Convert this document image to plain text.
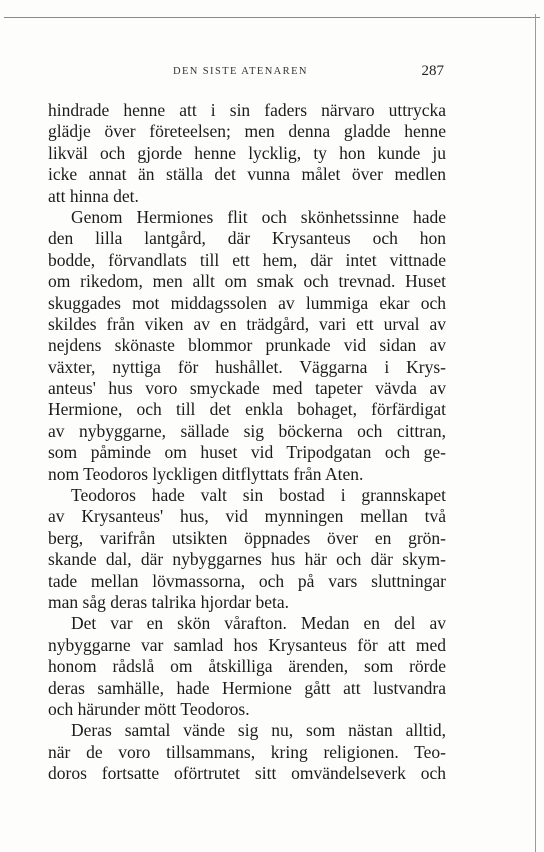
DEN SISTE ATENAREN	287
hindrade henne att i sin faders närvaro uttrycka
glädje över företeelsen; men denna gladde henne
likväl och gjorde henne lycklig, ty hon kunde ju
icke annat än ställa det vunna målet över medlen
att hinna det.
Genom Hermiones flit och skönhetssinne hade
den lilla lantgård, där Krysanteus och hon
bodde, förvandlats till ett hem, där intet vittnade
om rikedom, men allt om smak och trevnad. Huset
skuggades mot middagssolen av lummiga ekar och
skildes från viken av en trädgård, vari ett urval av
nejdens skönaste blommor prunkade vid sidan av
växter, nyttiga för hushållet. Väggarna i Krys-
anteus' hus voro smyckade med tapeter vävda av
Hermione, och till det enkla bohaget, förfärdigat
av nybyggarne, sällade sig böckerna och cittran,
som påminde om huset vid Tripodgatan och ge-
nom Teodoros lyckligen ditflyttats från Aten.
Teodoros hade valt sin bostad i grannskapet
av Krysanteus' hus, vid mynningen mellan två
berg, varifrån utsikten öppnades över en grön-
skande dal, där nybyggarnes hus här och där skym-
tade mellan lövmassorna, och på vars sluttningar
man såg deras talrika hjordar beta.
Det var en skön vårafton. Medan en del av
nybyggarne var samlad hos Krysanteus för att med
honom rådslå om åtskilliga ärenden, som rörde
deras samhälle, hade Hermione gått att lustvandra
och härunder mött Teodoros.
Deras samtal vände sig nu, som nästan alltid,
när de voro tillsammans, kring religionen. Teo-
doros fortsatte oförtrutet sitt omvändelseverk och
